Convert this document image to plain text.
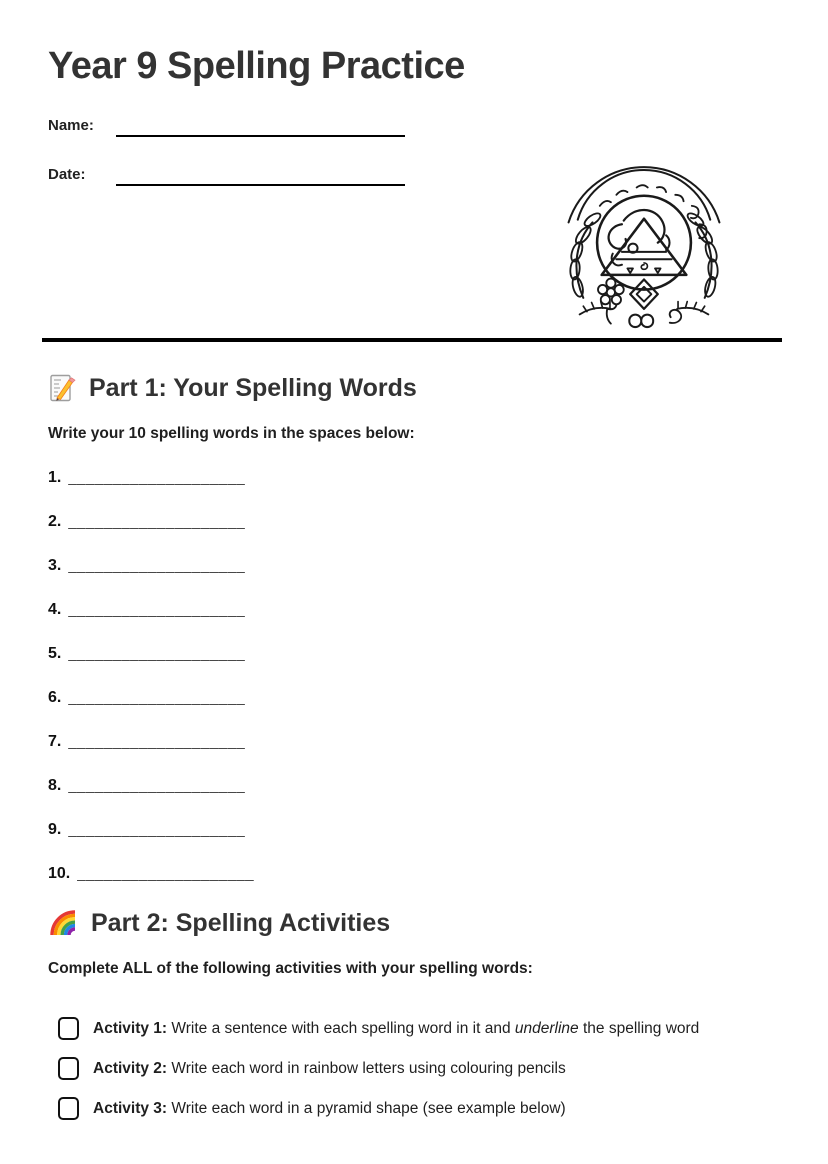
Year 9 Spelling Practice
Name:
Date:
Part 1: Your Spelling Words

Write your 10 spelling words in the spaces below:

1. ____________________
2. ____________________
3. ____________________
4. ____________________
5. ____________________
6. ____________________
7. ____________________
8. ____________________
9. ____________________
10. ____________________
Part 2: Spelling Activities

Complete ALL of the following activities with your spelling words:

Activity 1: Write a sentence with each spelling word in it and underline the spelling word
Activity 2: Write each word in rainbow letters using colouring pencils
Activity 3: Write each word in a pyramid shape (see example below)
